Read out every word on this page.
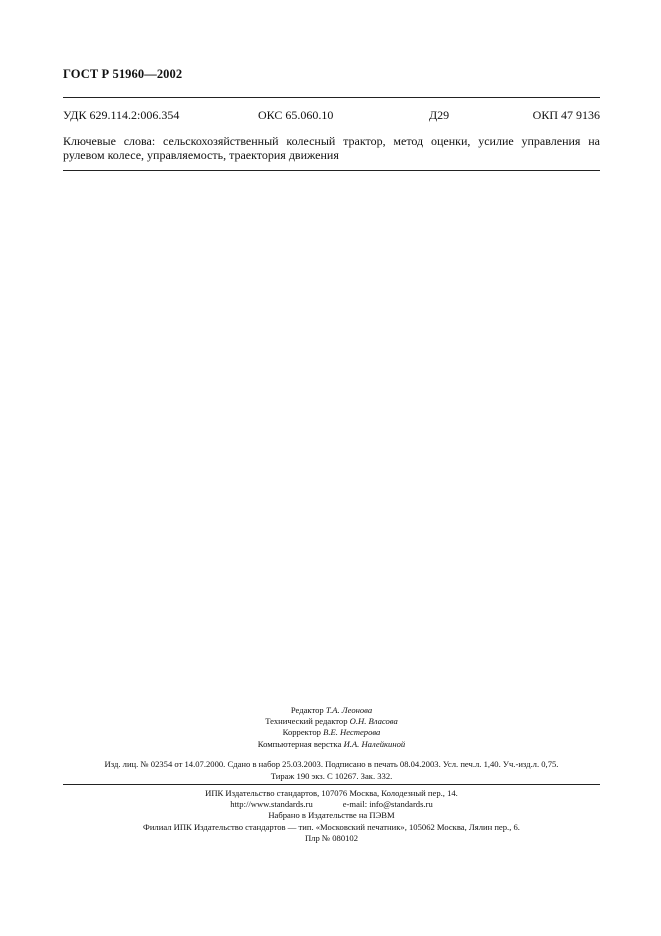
ГОСТ Р 51960—2002
УДК 629.114.2:006.354	ОКС 65.060.10	Д29	ОКП 47 9136
Ключевые слова: сельскохозяйственный колесный трактор, метод оценки, усилие управления на рулевом колесе, управляемость, траектория движения
Редактор Т.А. Леонова
Технический редактор О.Н. Власова
Корректор В.Е. Нестерова
Компьютерная верстка И.А. Налейкиной
Изд. лиц. № 02354 от 14.07.2000. Сдано в набор 25.03.2003. Подписано в печать 08.04.2003. Усл. печ.л. 1,40. Уч.-изд.л. 0,75.
Тираж 190 экз. С 10267. Зак. 332.
ИПК Издательство стандартов, 107076 Москва, Колодезный пер., 14.
http://www.standards.ru	e-mail: info@standards.ru
Набрано в Издательстве на ПЭВМ
Филиал ИПК Издательство стандартов — тип. «Московский печатник», 105062 Москва, Лялин пер., 6.
Плр № 080102
